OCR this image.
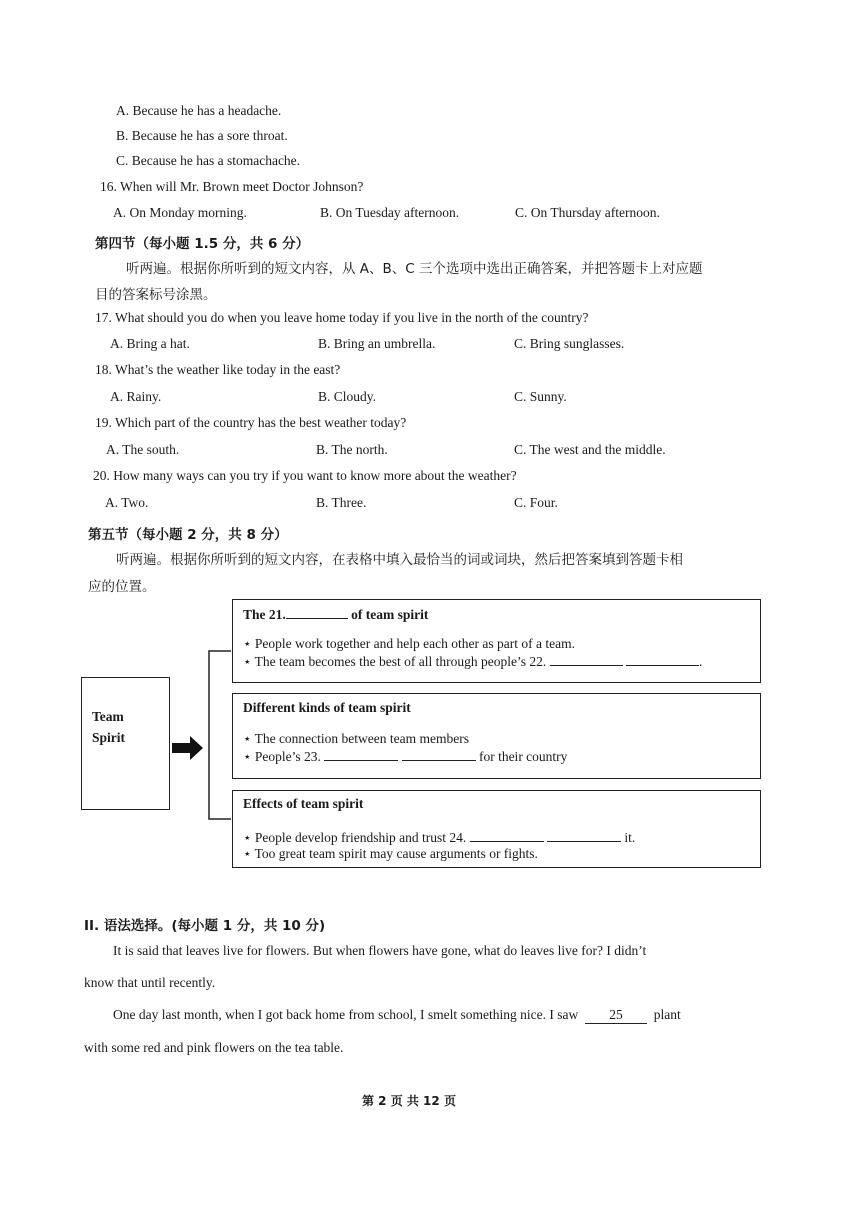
A. Because he has a headache.
B. Because he has a sore throat.
C. Because he has a stomachache.
16. When will Mr. Brown meet Doctor Johnson?
A. On Monday morning.	B. On Tuesday afternoon.	C. On Thursday afternoon.
第四节（每小题 1.5 分，共 6 分）
听两遍。根据你所听到的短文内容，从 A、B、C 三个选项中选出正确答案，并把答题卡上对应题
目的答案标号涂黑。
17. What should you do when you leave home today if you live in the north of the country?
A. Bring a hat.	B. Bring an umbrella.	C. Bring sunglasses.
18. What’s the weather like today in the east?
A. Rainy.	B. Cloudy.	C. Sunny.
19. Which part of the country has the best weather today?
A. The south.	B. The north.	C. The west and the middle.
20. How many ways can you try if you want to know more about the weather?
A. Two.	B. Three.	C. Four.
第五节（每小题 2 分，共 8 分）
听两遍。根据你所听到的短文内容，在表格中填入最恰当的词或词块，然后把答案填到答题卡相
应的位置。
Team
Spirit
The 21.	of team spirit
⋆ People work together and help each other as part of a team.
⋆ The team becomes the best of all through people’s 22.	.
Different kinds of team spirit
⋆ The connection between team members
⋆ People’s 23.	for their country
Effects of team spirit
⋆ People develop friendship and trust 24.	it.
⋆ Too great team spirit may cause arguments or fights.
II. 语法选择。(每小题 1 分，共 10 分)
It is said that leaves live for flowers. But when flowers have gone, what do leaves live for? I didn’t
know that until recently.
One day last month, when I got back home from school, I smelt something nice. I saw 25 plant
with some red and pink flowers on the tea table.
第 2 页 共 12 页
